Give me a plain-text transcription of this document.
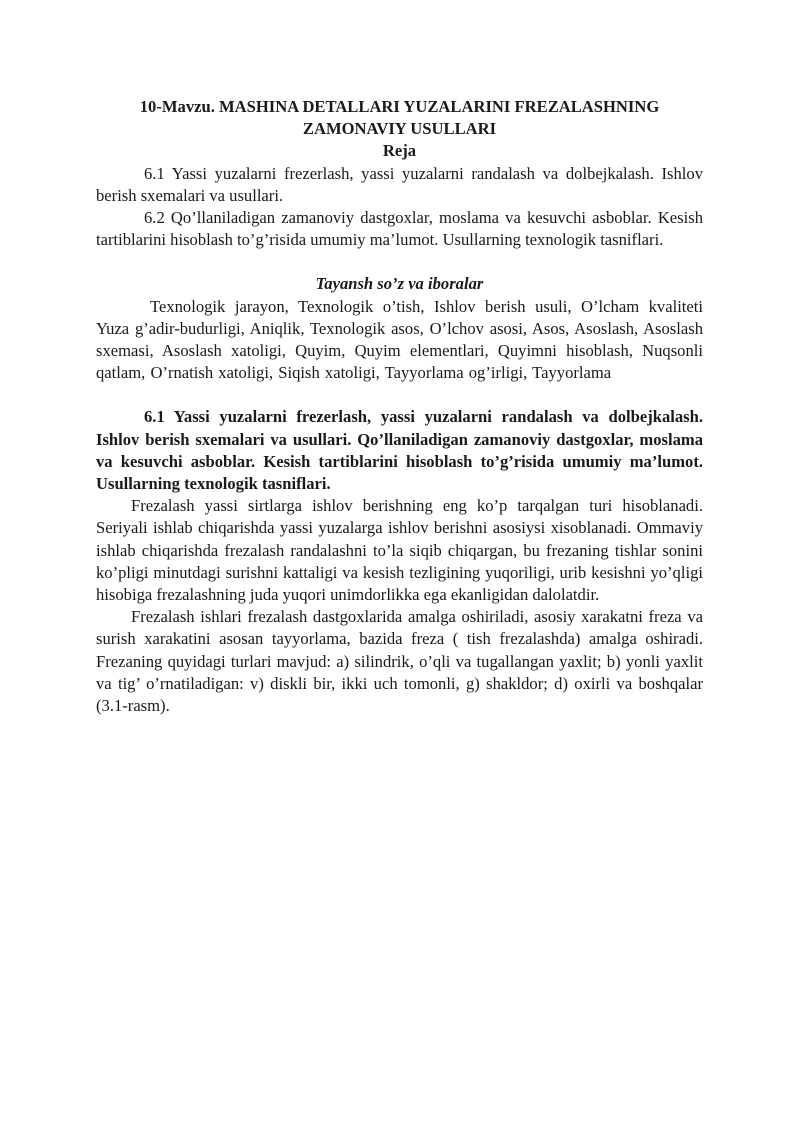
10-Mavzu. MASHINA DETALLARI YUZALARINI FREZALASHNING ZAMONAVIY USULLARI

Reja

6.1 Yassi yuzalarni frezerlash, yassi yuzalarni randalash va dolbejkalash. Ishlov berish sxemalari va usullari.

6.2 Qo’llaniladigan zamanoviy dastgoxlar, moslama va kesuvchi asboblar. Kesish tartiblarini hisoblash to’g’risida umumiy ma’lumot. Usullarning texnologik tasniflari.

Tayansh so’z va iboralar

Texnologik jarayon, Texnologik o’tish, Ishlov berish usuli, O’lcham kvaliteti Yuza g’adir-budurligi, Aniqlik, Texnologik asos, O’lchov asosi, Asos, Asoslash, Asoslash sxemasi, Asoslash xatoligi, Quyim, Quyim elementlari, Quyimni hisoblash, Nuqsonli qatlam, O’rnatish xatoligi, Siqish xatoligi, Tayyorlama og’irligi, Tayyorlama

6.1 Yassi yuzalarni frezerlash, yassi yuzalarni randalash va dolbejkalash. Ishlov berish sxemalari va usullari. Qo’llaniladigan zamanoviy dastgoxlar, moslama va kesuvchi asboblar. Kesish tartiblarini hisoblash to’g’risida umumiy ma’lumot. Usullarning texnologik tasniflari.

Frezalash yassi sirtlarga ishlov berishning eng ko’p tarqalgan turi hisoblanadi. Seriyali ishlab chiqarishda yassi yuzalarga ishlov berishni asosiysi xisoblanadi. Ommaviy ishlab chiqarishda frezalash randalashni to’la siqib chiqargan, bu frezaning tishlar sonini ko’pligi minutdagi surishni kattaligi va kesish tezligining yuqoriligi, urib kesishni yo’qligi hisobiga frezalashning juda yuqori unimdorlikka ega ekanligidan dalolatdir.

Frezalash ishlari frezalash dastgoxlarida amalga oshiriladi, asosiy xarakatni freza va surish xarakatini asosan tayyorlama, bazida freza ( tish frezalashda) amalga oshiradi. Frezaning quyidagi turlari mavjud: a) silindrik, o’qli va tugallangan yaxlit; b) yonli yaxlit va tig’ o’rnatiladigan: v) diskli bir, ikki uch tomonli, g) shakldor; d) oxirli va boshqalar (3.1-rasm).
